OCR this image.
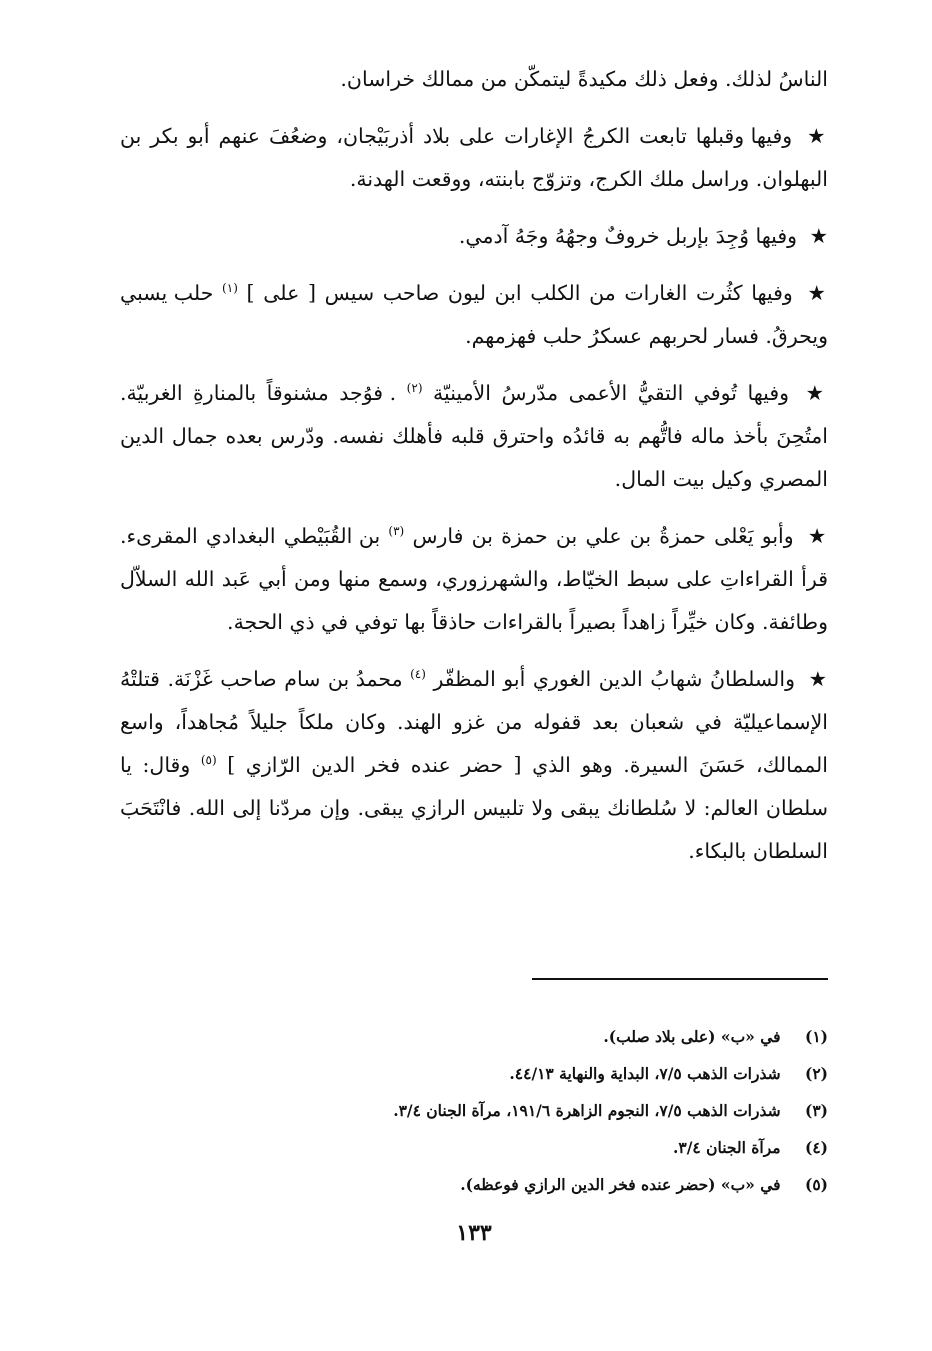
الناسُ لذلك. وفعل ذلك مكيدةً ليتمكّن من ممالك خراسان.

★ وفيها وقبلها تابعت الكرجُ الإغارات على بلاد أذربَيْجان، وضعُفَ عنهم أبو بكر بن البهلوان. وراسل ملك الكرج، وتزوّج بابنته، ووقعت الهدنة.

★ وفيها وُجِدَ بإربل خروفٌ وجهُهُ وجَهُ آدمي.

★ وفيها كثُرت الغارات من الكلب ابن ليون صاحب سيس [ على ] $^{(١)}$ حلب يسبي ويحرقُ. فسار لحربهم عسكرُ حلب فهزمهم.

★ وفيها تُوفي التقيُّ الأعمى مدّرسُ الأمينيّة $^{(٢)}$ . فوُجد مشنوقاً بالمنارةِ الغربيّة. امتُحِنَ بأخذ ماله فاتُّهم به قائدُه واحترق قلبه فأهلك نفسه. ودّرس بعده جمال الدين المصري وكيل بيت المال.

★ وأبو يَعْلى حمزةُ بن علي بن حمزة بن فارس $^{(٣)}$ بن القُبَيْطي البغدادي المقرىء. قرأ القراءاتِ على سبط الخيّاط، والشهرزوري، وسمع منها ومن أبي عَبد الله السلاّل وطائفة. وكان خيِّراً زاهداً بصيراً بالقراءات حاذقاً بها توفي في ذي الحجة.

★ والسلطانُ شهابُ الدين الغوري أبو المظفّر $^{(٤)}$ محمدُ بن سام صاحب غَزْنَة. قتلتْهُ الإسماعيليّة في شعبان بعد قفوله من غزو الهند. وكان ملكاً جليلاً مُجاهداً، واسع الممالك، حَسَنَ السيرة. وهو الذي [ حضر عنده فخر الدين الرّازي ] $^{(٥)}$ وقال: يا سلطان العالم: لا سُلطانك يبقى ولا تلبيس الرازي يبقى. وإن مردّنا إلى الله. فانْتَحَبَ السلطان بالبكاء.

(١) في «ب» (على بلاد صلب).
(٢) شذرات الذهب ٧/٥، البداية والنهاية ٤٤/١٣.
(٣) شذرات الذهب ٧/٥، النجوم الزاهرة ١٩١/٦، مرآة الجنان ٣/٤.
(٤) مرآة الجنان ٣/٤.
(٥) في «ب» (حضر عنده فخر الدين الرازي فوعظه).
١٣٣
